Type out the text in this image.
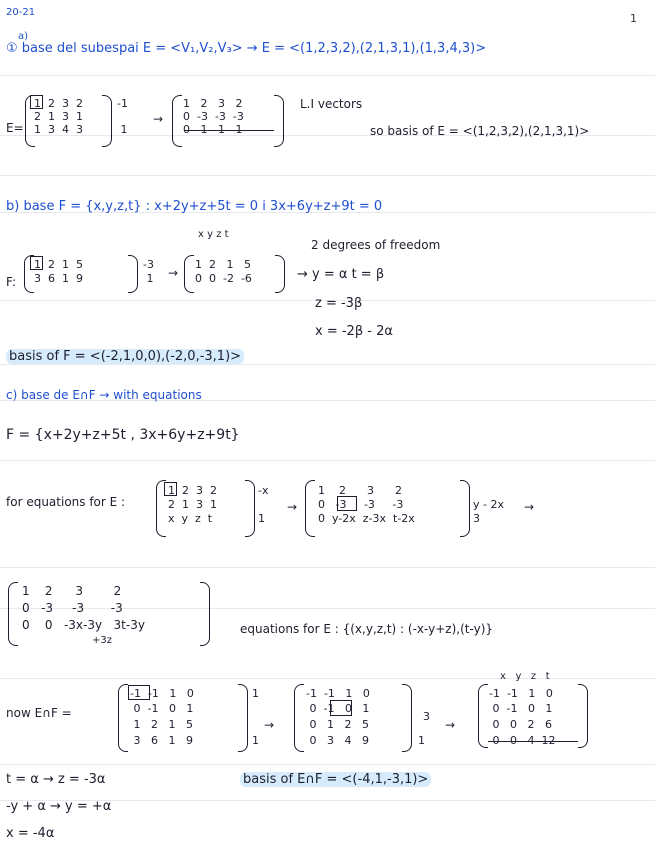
20-21	1
a)
① base del subespai E = <V₁,V₂,V₃> → E = <(1,2,3,2),(2,1,3,1),(1,3,4,3)>
E=
1  2  3  2
2  1  3  1
1  3  4  3
-1
1
→
1   2   3   2
0  -3  -3  -3
L.I vectors
so basis of E = <(1,2,3,2),(2,1,3,1)>
b) base F = {x,y,z,t} : x+2y+z+5t = 0 i 3x+6y+z+9t = 0
x y z t
2 degrees of freedom
F:
1  2  1  5
3  6  1  9
-3
1 →
1  2   1   5
0  0  -2  -6	→ y = α t = β
z = -3β
x = -2β - 2α
basis of F = <(-2,1,0,0),(-2,0,-3,1)>
c) base de E∩F → with equations
F = {x+2y+z+5t , 3x+6y+z+9t}
for equations for E :
1  2  3  2
2  1  3  1
x  y  z  t
-x
1
→
1    2      3      2
0   -3     -3     -3
0  y-2x  z-3x  t-2x
y - 2x
3
→
1    2      3        2
0   -3     -3       -3
0    0   -3x-3y   3t-3y
+3z
equations for E : {(x,y,z,t) : (-x-y+z),(t-y)}
now E∩F =
-1  -1   1   0
0  -1   0   1
1   2   1   5
3   6   1   9
1
1
→
-1  -1   1   0
0  -1   0   1
0   1   2   5
0   3   4   9
3
1
→
x   y   z   t
-1  -1   1   0
0  -1   0   1
0   0   2   6
t = α → z = -3α
-y + α → y = +α
x = -4α
basis of E∩F = <(-4,1,-3,1)>
